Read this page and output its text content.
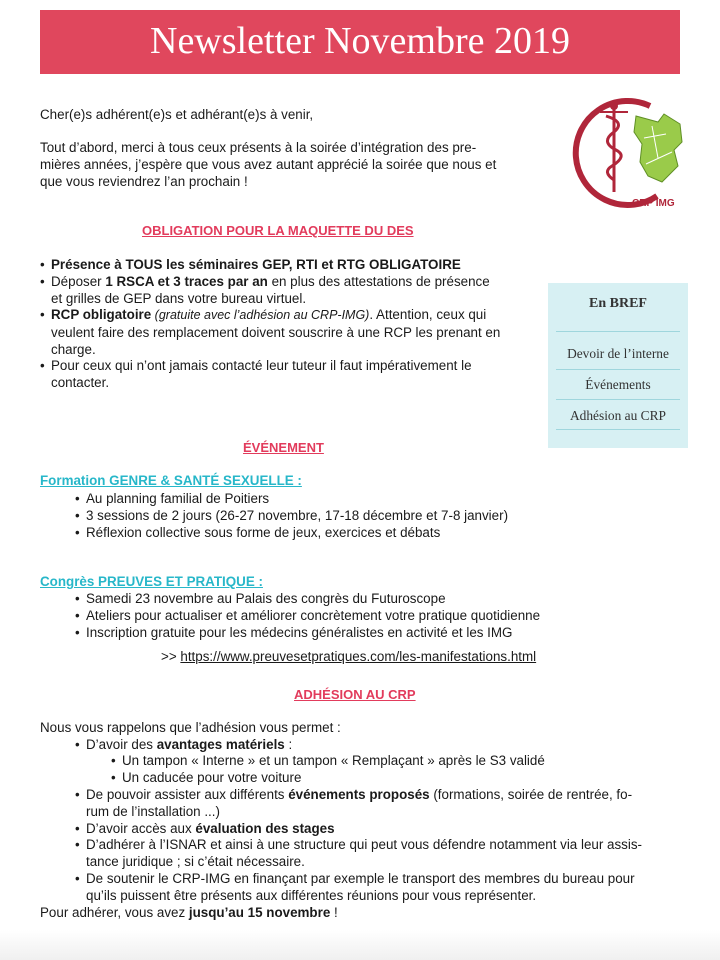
Newsletter Novembre 2019
CRP IMG
Cher(e)s adhérent(e)s et adhérant(e)s à venir,
Tout d’abord, merci à tous ceux présents à la soirée d’intégration des pre-
mières années, j’espère que vous avez autant apprécié la soirée que nous et
que vous reviendrez l’an prochain !
OBLIGATION POUR LA MAQUETTE DU DES
• Présence à TOUS les séminaires GEP, RTI et RTG OBLIGATOIRE
• Déposer 1 RSCA et 3 traces par an en plus des attestations de présence
et grilles de GEP dans votre bureau virtuel.
• RCP obligatoire (gratuite avec l’adhésion au CRP-IMG). Attention, ceux qui
veulent faire des remplacement doivent souscrire à une RCP les prenant en
charge.
• Pour ceux qui n’ont jamais contacté leur tuteur il faut impérativement le
contacter.
En BREF
Devoir de l’interne
Événements
Adhésion au CRP
ÉVÉNEMENT
Formation GENRE & SANTÉ SEXUELLE :
• Au planning familial de Poitiers
• 3 sessions de 2 jours (26-27 novembre, 17-18 décembre et 7-8 janvier)
• Réflexion collective sous forme de jeux, exercices et débats
Congrès PREUVES ET PRATIQUE :
• Samedi 23 novembre au Palais des congrès du Futuroscope
• Ateliers pour actualiser et améliorer concrètement votre pratique quotidienne
• Inscription gratuite pour les médecins généralistes en activité et les IMG
>> https://www.preuvesetpratiques.com/les-manifestations.html
ADHÉSION AU CRP
Nous vous rappelons que l’adhésion vous permet :
• D’avoir des avantages matériels :
• Un tampon « Interne » et un tampon « Remplaçant » après le S3 validé
• Un caducée pour votre voiture
• De pouvoir assister aux différents événements proposés (formations, soirée de rentrée, fo-
rum de l’installation ...)
• D’avoir accès aux évaluation des stages
• D’adhérer à l’ISNAR et ainsi à une structure qui peut vous défendre notamment via leur assis-
tance juridique ; si c’était nécessaire.
• De soutenir le CRP-IMG en finançant par exemple le transport des membres du bureau pour
qu’ils puissent être présents aux différentes réunions pour vous représenter.
Pour adhérer, vous avez jusqu’au 15 novembre !
